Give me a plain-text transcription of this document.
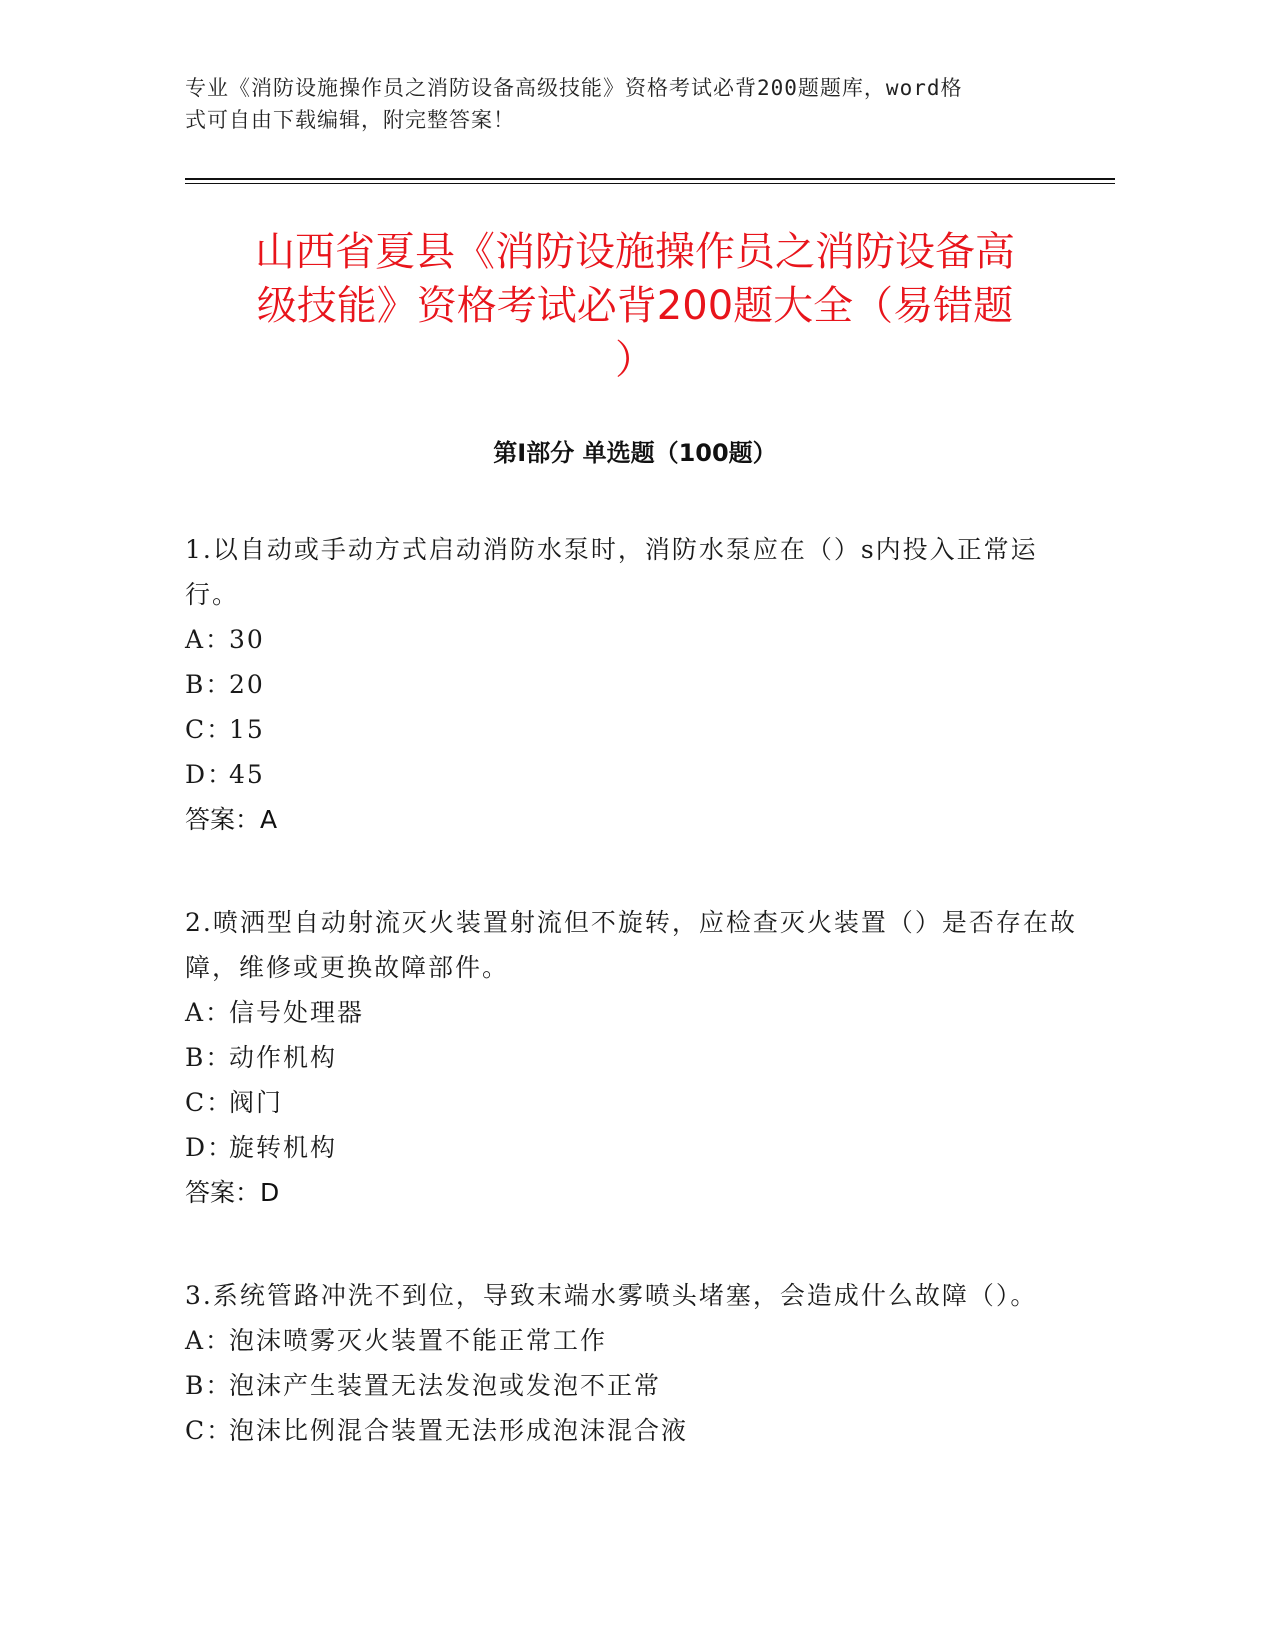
专业《消防设施操作员之消防设备高级技能》资格考试必背200题题库，word格
式可自由下载编辑，附完整答案！
山西省夏县《消防设施操作员之消防设备高
级技能》资格考试必背200题大全（易错题
）
第I部分 单选题（100题）

1.以自动或手动方式启动消防水泵时，消防水泵应在（）s内投入正常运行。

A：30

B：20

C：15

D：45

答案：A

2.喷洒型自动射流灭火装置射流但不旋转，应检查灭火装置（）是否存在故障，维修或更换故障部件。

A：信号处理器

B：动作机构

C：阀门

D：旋转机构

答案：D

3.系统管路冲洗不到位，导致末端水雾喷头堵塞，会造成什么故障（）。

A：泡沫喷雾灭火装置不能正常工作

B：泡沫产生装置无法发泡或发泡不正常

C：泡沫比例混合装置无法形成泡沫混合液
